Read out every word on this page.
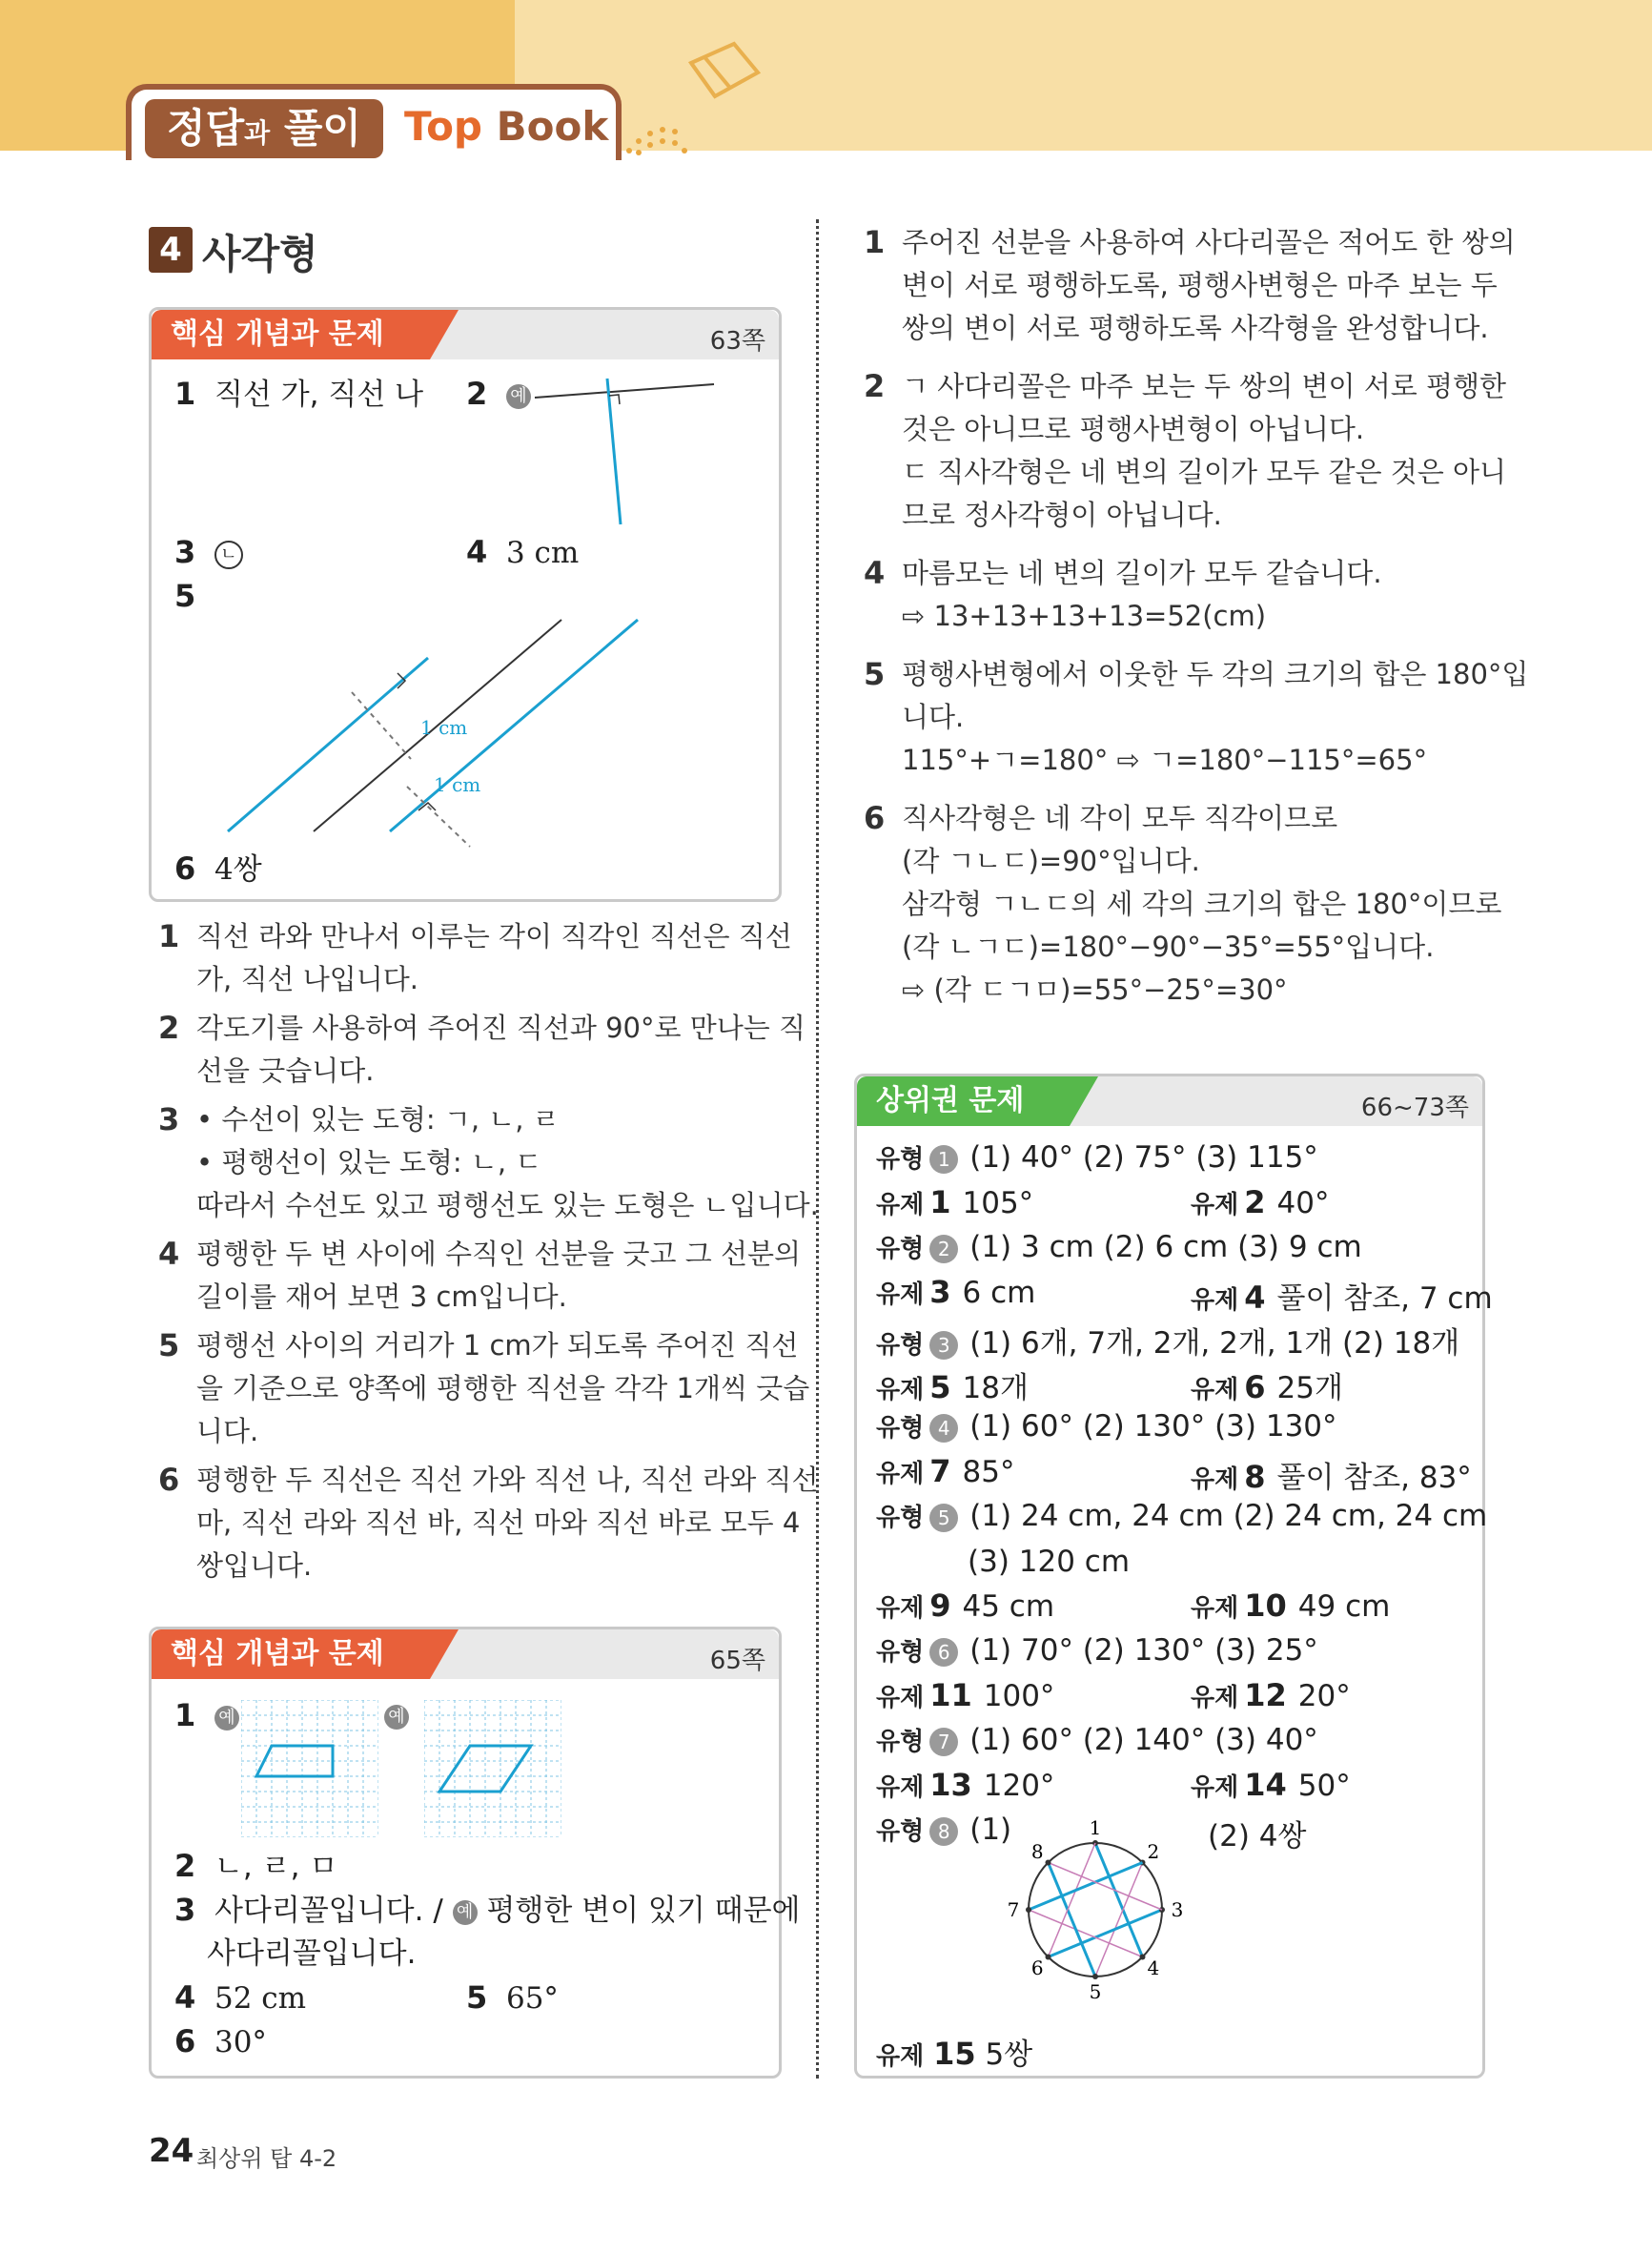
정답과 풀이	Top Book
4 사각형
핵심 개념과 문제	63쪽
1 직선 가, 직선 나 2 예
3 ㄴ	4 3 cm
5
1 cm
1 cm
6 4쌍
1 직선 라와 만나서 이루는 각이 직각인 직선은 직선
가, 직선 나입니다.
2 각도기를 사용하여 주어진 직선과 90°로 만나는 직
선을 긋습니다.
3 • 수선이 있는 도형: ㄱ, ㄴ, ㄹ
• 평행선이 있는 도형: ㄴ, ㄷ
따라서 수선도 있고 평행선도 있는 도형은 ㄴ입니다.
4 평행한 두 변 사이에 수직인 선분을 긋고 그 선분의
길이를 재어 보면 3 cm입니다.
5 평행선 사이의 거리가 1 cm가 되도록 주어진 직선
을 기준으로 양쪽에 평행한 직선을 각각 1개씩 긋습
니다.
6 평행한 두 직선은 직선 가와 직선 나, 직선 라와 직선
마, 직선 라와 직선 바, 직선 마와 직선 바로 모두 4
쌍입니다.
핵심 개념과 문제	65쪽
1 예	예
2 ㄴ, ㄹ, ㅁ
3 사다리꼴입니다. / 예 평행한 변이 있기 때문에
사다리꼴입니다.
4 52 cm	5 65°
6 30°
1 주어진 선분을 사용하여 사다리꼴은 적어도 한 쌍의
변이 서로 평행하도록, 평행사변형은 마주 보는 두
쌍의 변이 서로 평행하도록 사각형을 완성합니다.
2 ㄱ 사다리꼴은 마주 보는 두 쌍의 변이 서로 평행한
것은 아니므로 평행사변형이 아닙니다.
ㄷ 직사각형은 네 변의 길이가 모두 같은 것은 아니
므로 정사각형이 아닙니다.
4 마름모는 네 변의 길이가 모두 같습니다.
⇨ 13+13+13+13=52(cm)
5 평행사변형에서 이웃한 두 각의 크기의 합은 180°입
니다.
115°+ㄱ=180° ⇨ ㄱ=180°−115°=65°
6 직사각형은 네 각이 모두 직각이므로
(각 ㄱㄴㄷ)=90°입니다.
삼각형 ㄱㄴㄷ의 세 각의 크기의 합은 180°이므로
(각 ㄴㄱㄷ)=180°−90°−35°=55°입니다.
⇨ (각 ㄷㄱㅁ)=55°−25°=30°
상위권 문제	66~73쪽
유형 1 (1) 40° (2) 75° (3) 115°
유제 1 105°	유제 2 40°
유형 2 (1) 3 cm (2) 6 cm (3) 9 cm
유제 3 6 cm	유제 4 풀이 참조, 7 cm
유형 3 (1) 6개, 7개, 2개, 2개, 1개 (2) 18개
유제 5 18개	유제 6 25개
유형 4 (1) 60° (2) 130° (3) 130°
유제 7 85°	유제 8 풀이 참조, 83°
유형 5 (1) 24 cm, 24 cm (2) 24 cm, 24 cm
(3) 120 cm
유제 9 45 cm	유제 10 49 cm
유형 6 (1) 70° (2) 130° (3) 25°
유제 11 100°	유제 12 20°
유형 7 (1) 60° (2) 140° (3) 40°
유제 13 120°	유제 14 50°
유형 8 (1)	(2) 4쌍
1
2
3
4
5
6
7
8
유제 15 5쌍
24 최상위 탑 4-2
